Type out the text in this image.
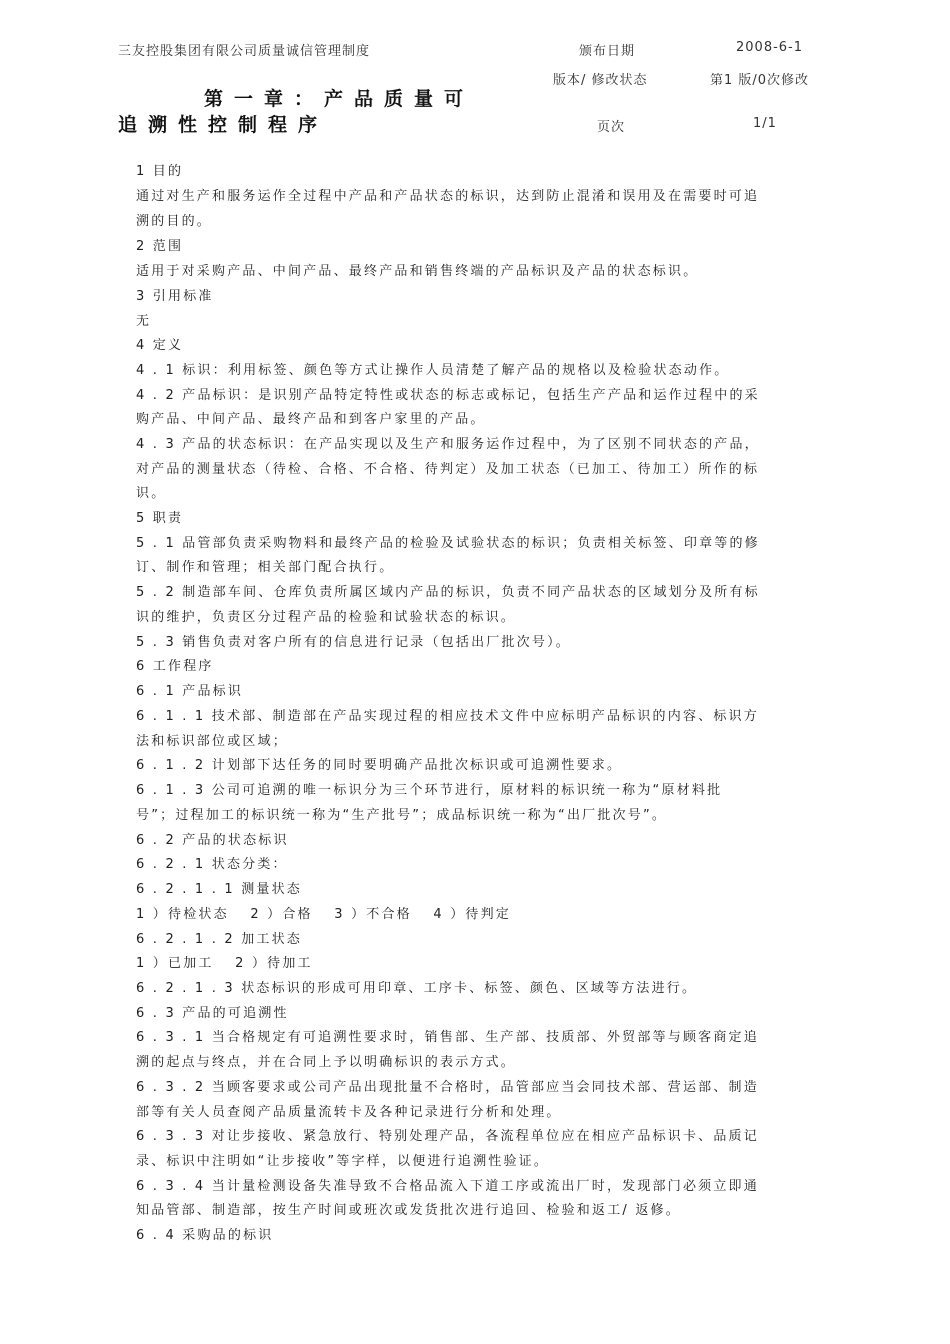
三友控股集团有限公司质量诚信管理制度	颁布日期	2008-6-1
版本/ 修改状态	第1 版/0次修改
页次	1/1
第一章：产品质量可
追溯性控制程序
1 目的
通过对生产和服务运作全过程中产品和产品状态的标识，达到防止混淆和误用及在需要时可追
溯的目的。
2 范围
适用于对采购产品、中间产品、最终产品和销售终端的产品标识及产品的状态标识。
3 引用标准
无
4 定义
4 . 1 标识：利用标签、颜色等方式让操作人员清楚了解产品的规格以及检验状态动作。
4 . 2 产品标识：是识别产品特定特性或状态的标志或标记，包括生产产品和运作过程中的采
购产品、中间产品、最终产品和到客户家里的产品。
4 . 3 产品的状态标识：在产品实现以及生产和服务运作过程中，为了区别不同状态的产品，
对产品的测量状态（待检、合格、不合格、待判定）及加工状态（已加工、待加工）所作的标
识。
5 职责
5 . 1 品管部负责采购物料和最终产品的检验及试验状态的标识；负责相关标签、印章等的修
订、制作和管理；相关部门配合执行。
5 . 2 制造部车间、仓库负责所属区域内产品的标识，负责不同产品状态的区域划分及所有标
识的维护，负责区分过程产品的检验和试验状态的标识。
5 . 3 销售负责对客户所有的信息进行记录（包括出厂批次号）。
6 工作程序
6 . 1 产品标识
6 . 1 . 1 技术部、制造部在产品实现过程的相应技术文件中应标明产品标识的内容、标识方
法和标识部位或区域；
6 . 1 . 2 计划部下达任务的同时要明确产品批次标识或可追溯性要求。
6 . 1 . 3 公司可追溯的唯一标识分为三个环节进行，原材料的标识统一称为“原材料批
号”；过程加工的标识统一称为“生产批号”；成品标识统一称为“出厂批次号”。
6 . 2 产品的状态标识
6 . 2 . 1 状态分类：
6 . 2 . 1 . 1 测量状态
1 ）待检状态　 2 ）合格　 3 ）不合格　 4 ）待判定
6 . 2 . 1 . 2 加工状态
1 ）已加工　 2 ）待加工
6 . 2 . 1 . 3 状态标识的形成可用印章、工序卡、标签、颜色、区域等方法进行。
6 . 3 产品的可追溯性
6 . 3 . 1 当合格规定有可追溯性要求时，销售部、生产部、技质部、外贸部等与顾客商定追
溯的起点与终点，并在合同上予以明确标识的表示方式。
6 . 3 . 2 当顾客要求或公司产品出现批量不合格时，品管部应当会同技术部、营运部、制造
部等有关人员查阅产品质量流转卡及各种记录进行分析和处理。
6 . 3 . 3 对让步接收、紧急放行、特别处理产品，各流程单位应在相应产品标识卡、品质记
录、标识中注明如“让步接收”等字样，以便进行追溯性验证。
6 . 3 . 4 当计量检测设备失准导致不合格品流入下道工序或流出厂时，发现部门必须立即通
知品管部、制造部，按生产时间或班次或发货批次进行追回、检验和返工/ 返修。
6 . 4 采购品的标识
